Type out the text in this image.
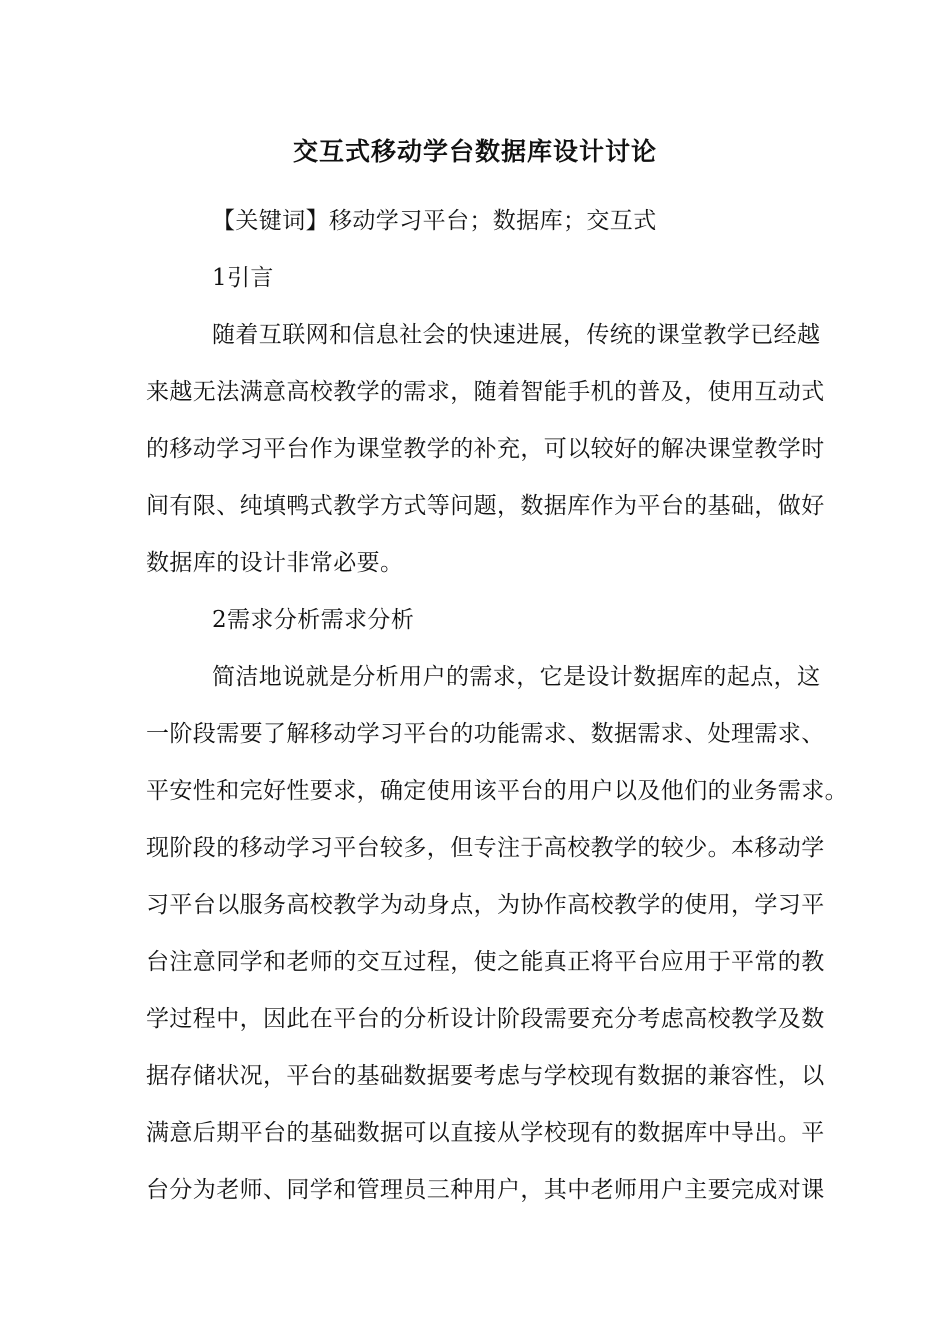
交互式移动学台数据库设计讨论
【关键词】移动学习平台；数据库；交互式
1引言
随着互联网和信息社会的快速进展，传统的课堂教学已经越
来越无法满意高校教学的需求，随着智能手机的普及，使用互动式
的移动学习平台作为课堂教学的补充，可以较好的解决课堂教学时
间有限、纯填鸭式教学方式等问题，数据库作为平台的基础，做好
数据库的设计非常必要。
2需求分析需求分析
简洁地说就是分析用户的需求，它是设计数据库的起点，这
一阶段需要了解移动学习平台的功能需求、数据需求、处理需求、
平安性和完好性要求，确定使用该平台的用户以及他们的业务需求。
现阶段的移动学习平台较多，但专注于高校教学的较少。本移动学
习平台以服务高校教学为动身点，为协作高校教学的使用，学习平
台注意同学和老师的交互过程，使之能真正将平台应用于平常的教
学过程中，因此在平台的分析设计阶段需要充分考虑高校教学及数
据存储状况，平台的基础数据要考虑与学校现有数据的兼容性，以
满意后期平台的基础数据可以直接从学校现有的数据库中导出。平
台分为老师、同学和管理员三种用户，其中老师用户主要完成对课
